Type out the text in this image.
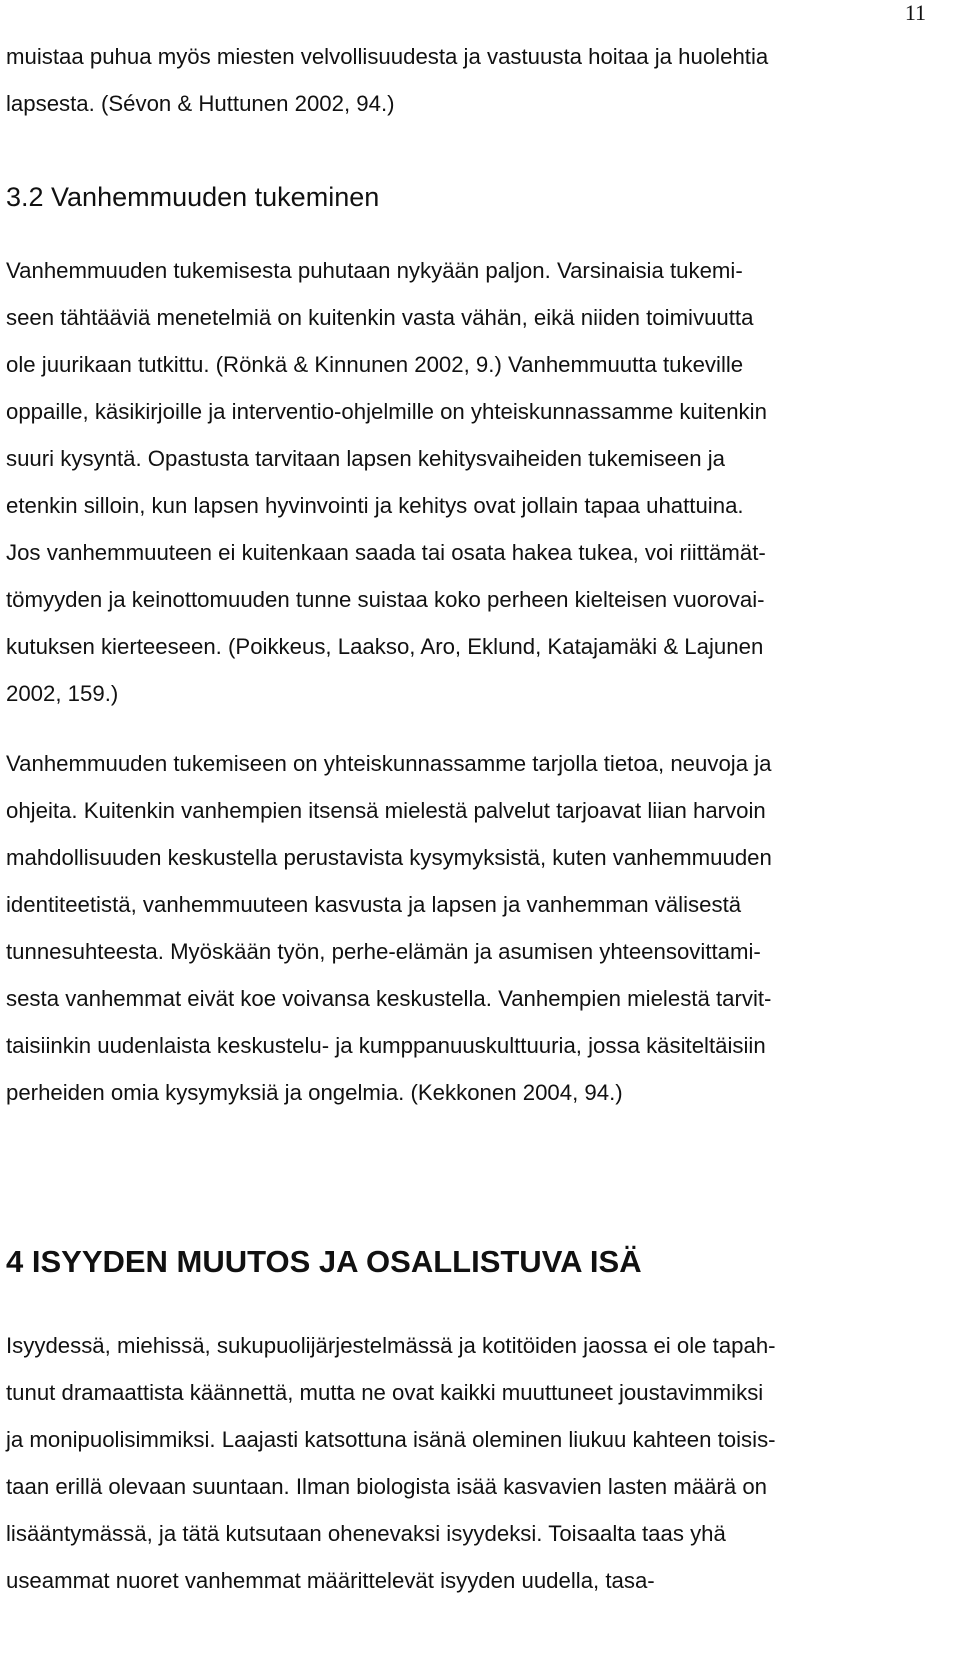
11

muistaa puhua myös miesten velvollisuudesta ja vastuusta hoitaa ja huolehtia
lapsesta. (Sévon & Huttunen 2002, 94.)

3.2 Vanhemmuuden tukeminen

Vanhemmuuden tukemisesta puhutaan nykyään paljon. Varsinaisia tukemi-
seen tähtääviä menetelmiä on kuitenkin vasta vähän, eikä niiden toimivuutta
ole juurikaan tutkittu. (Rönkä & Kinnunen 2002, 9.) Vanhemmuutta tukeville
oppaille, käsikirjoille ja interventio-ohjelmille on yhteiskunnassamme kuitenkin
suuri kysyntä. Opastusta tarvitaan lapsen kehitysvaiheiden tukemiseen ja
etenkin silloin, kun lapsen hyvinvointi ja kehitys ovat jollain tapaa uhattuina.
Jos vanhemmuuteen ei kuitenkaan saada tai osata hakea tukea, voi riittämät-
tömyyden ja keinottomuuden tunne suistaa koko perheen kielteisen vuorovai-
kutuksen kierteeseen. (Poikkeus, Laakso, Aro, Eklund, Katajamäki & Lajunen
2002, 159.)

Vanhemmuuden tukemiseen on yhteiskunnassamme tarjolla tietoa, neuvoja ja
ohjeita. Kuitenkin vanhempien itsensä mielestä palvelut tarjoavat liian harvoin
mahdollisuuden keskustella perustavista kysymyksistä, kuten vanhemmuuden
identiteetistä, vanhemmuuteen kasvusta ja lapsen ja vanhemman välisestä
tunnesuhteesta. Myöskään työn, perhe-elämän ja asumisen yhteensovittami-
sesta vanhemmat eivät koe voivansa keskustella. Vanhempien mielestä tarvit-
taisiinkin uudenlaista keskustelu- ja kumppanuuskulttuuria, jossa käsiteltäisiin
perheiden omia kysymyksiä ja ongelmia. (Kekkonen 2004, 94.)

4 ISYYDEN MUUTOS JA OSALLISTUVA ISÄ

Isyydessä, miehissä, sukupuolijärjestelmässä ja kotitöiden jaossa ei ole tapah-
tunut dramaattista käännettä, mutta ne ovat kaikki muuttuneet joustavimmiksi
ja monipuolisimmiksi. Laajasti katsottuna isänä oleminen liukuu kahteen toisis-
taan erillä olevaan suuntaan. Ilman biologista isää kasvavien lasten määrä on
lisääntymässä, ja tätä kutsutaan ohenevaksi isyydeksi. Toisaalta taas yhä
useammat nuoret vanhemmat määrittelevät isyyden uudella, tasa-
